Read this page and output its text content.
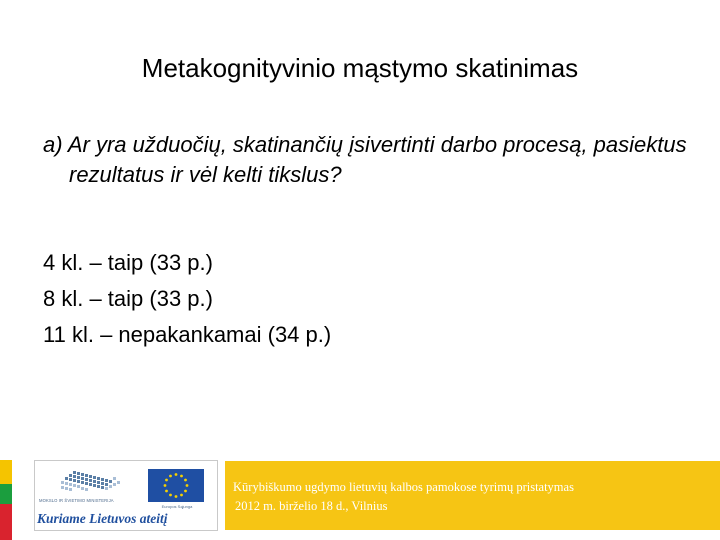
Metakognityvinio mąstymo skatinimas
a) Ar yra užduočių, skatinančių įsivertinti darbo procesą, pasiektus rezultatus ir vėl kelti tikslus?
4 kl. – taip (33 p.)
8 kl. – taip (33 p.)
11 kl. – nepakankamai (34 p.)
MOKSLO IR ŠVIETIMO MINISTERIJA
Europos Sąjunga
Kuriame Lietuvos ateitį
Kūrybiškumo ugdymo lietuvių kalbos pamokose tyrimų pristatymas
2012 m. birželio 18 d., Vilnius
